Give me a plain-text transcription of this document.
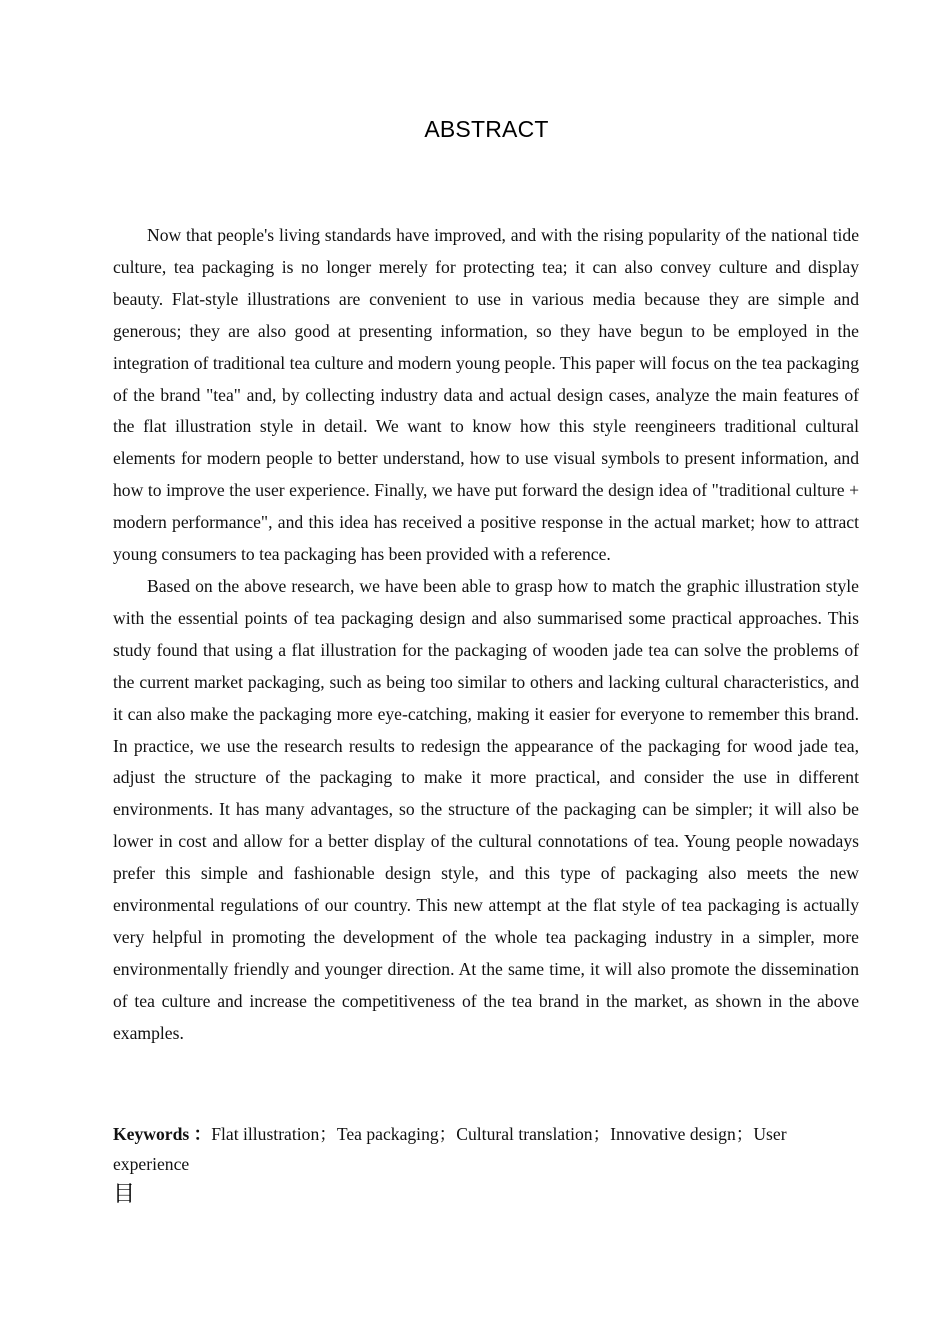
ABSTRACT

Now that people's living standards have improved, and with the rising popularity of the national tide culture, tea packaging is no longer merely for protecting tea; it can also convey culture and display beauty. Flat-style illustrations are convenient to use in various media because they are simple and generous; they are also good at presenting information, so they have begun to be employed in the integration of traditional tea culture and modern young people. This paper will focus on the tea packaging of the brand "tea" and, by collecting industry data and actual design cases, analyze the main features of the flat illustration style in detail. We want to know how this style reengineers traditional cultural elements for modern people to better understand, how to use visual symbols to present information, and how to improve the user experience. Finally, we have put forward the design idea of "traditional culture + modern performance", and this idea has received a positive response in the actual market; how to attract young consumers to tea packaging has been provided with a reference.

Based on the above research, we have been able to grasp how to match the graphic illustration style with the essential points of tea packaging design and also summarised some practical approaches. This study found that using a flat illustration for the packaging of wooden jade tea can solve the problems of the current market packaging, such as being too similar to others and lacking cultural characteristics, and it can also make the packaging more eye-catching, making it easier for everyone to remember this brand. In practice, we use the research results to redesign the appearance of the packaging for wood jade tea, adjust the structure of the packaging to make it more practical, and consider the use in different environments. It has many advantages, so the structure of the packaging can be simpler; it will also be lower in cost and allow for a better display of the cultural connotations of tea. Young people nowadays prefer this simple and fashionable design style, and this type of packaging also meets the new environmental regulations of our country. This new attempt at the flat style of tea packaging is actually very helpful in promoting the development of the whole tea packaging industry in a simpler, more environmentally friendly and younger direction. At the same time, it will also promote the dissemination of tea culture and increase the competitiveness of the tea brand in the market, as shown in the above examples.

Keywords ：Flat illustration；Tea packaging；Cultural translation；Innovative design；User experience
目
